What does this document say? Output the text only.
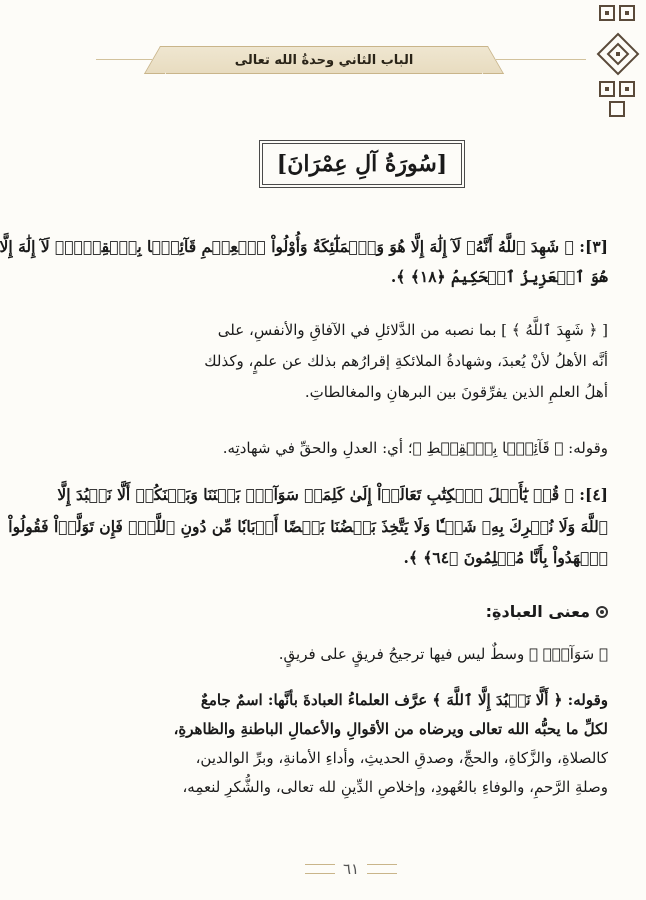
الباب الثاني وحدةُ الله تعالى
[سُورَةُ آلِ عِمْرَانَ]
[٣]: ﴿ شَهِدَ ٱللَّهُ أَنَّهُۥ لَآ إِلَٰهَ إِلَّا هُوَ وَٱلۡمَلَٰٓئِكَةُ وَأُوْلُواْ ٱلۡعِلۡمِ قَآئِمَۢا بِٱلۡقِسۡطِۚ لَآ إِلَٰهَ إِلَّا
هُوَ ٱلۡعَزِيزُ ٱلۡحَكِيمُ ﴿١٨﴾ ﴾.
[ ﴿ شَهِدَ ٱللَّهُ ﴾ ] بما نصبه من الدَّلائلِ في الآفاقِ والأنفسِ، على
أنَّه الأهلُ لأنْ يُعبدَ، وشهادةُ الملائكةِ إقرارُهم بذلك عن علمٍ، وكذلك
أهلُ العلمِ الذين يفرِّقونَ بين البرهانِ والمغالطاتِ.
وقوله: ﴿ قَآئِمَۢا بِٱلۡقِسۡطِ ﴾؛ أي: العدلِ والحقِّ في شهادتِه.
[٤]: ﴿ قُلۡ يَٰٓأَهۡلَ ٱلۡكِتَٰبِ تَعَالَوۡاْ إِلَىٰ كَلِمَةٖ سَوَآءِۭ بَيۡنَنَا وَبَيۡنَكُمۡ أَلَّا نَعۡبُدَ إِلَّا
ٱللَّهَ وَلَا نُشۡرِكَ بِهِۦ شَيۡـٔٗا وَلَا يَتَّخِذَ بَعۡضُنَا بَعۡضًا أَرۡبَابٗا مِّن دُونِ ٱللَّهِۚ فَإِن تَوَلَّوۡاْ فَقُولُواْ
ٱشۡهَدُواْ بِأَنَّا مُسۡلِمُونَ ﴿٦٤﴾ ﴾.
معنى العبادةِ:
﴿ سَوَآءِۭ ﴾ وسطٌ ليس فيها ترجيحُ فريقٍ على فريقٍ.
وقوله: ﴿ أَلَّا نَعۡبُدَ إِلَّا ٱللَّهَ ﴾ عرَّف العلماءُ العبادةَ بأنَّها: اسمٌ جامعٌ
لكلِّ ما يحبُّه الله تعالى ويرضاه من الأقوالِ والأعمالِ الباطنةِ والظاهرةِ،
كالصلاةِ، والزَّكاةِ، والحجِّ، وصدقِ الحديثِ، وأداءِ الأمانةِ، وبرِّ الوالدين،
وصلةِ الرَّحمِ، والوفاءِ بالعُهودِ، وإخلاصِ الدِّينِ لله تعالى، والشُّكرِ لنعمِه،
٦١
